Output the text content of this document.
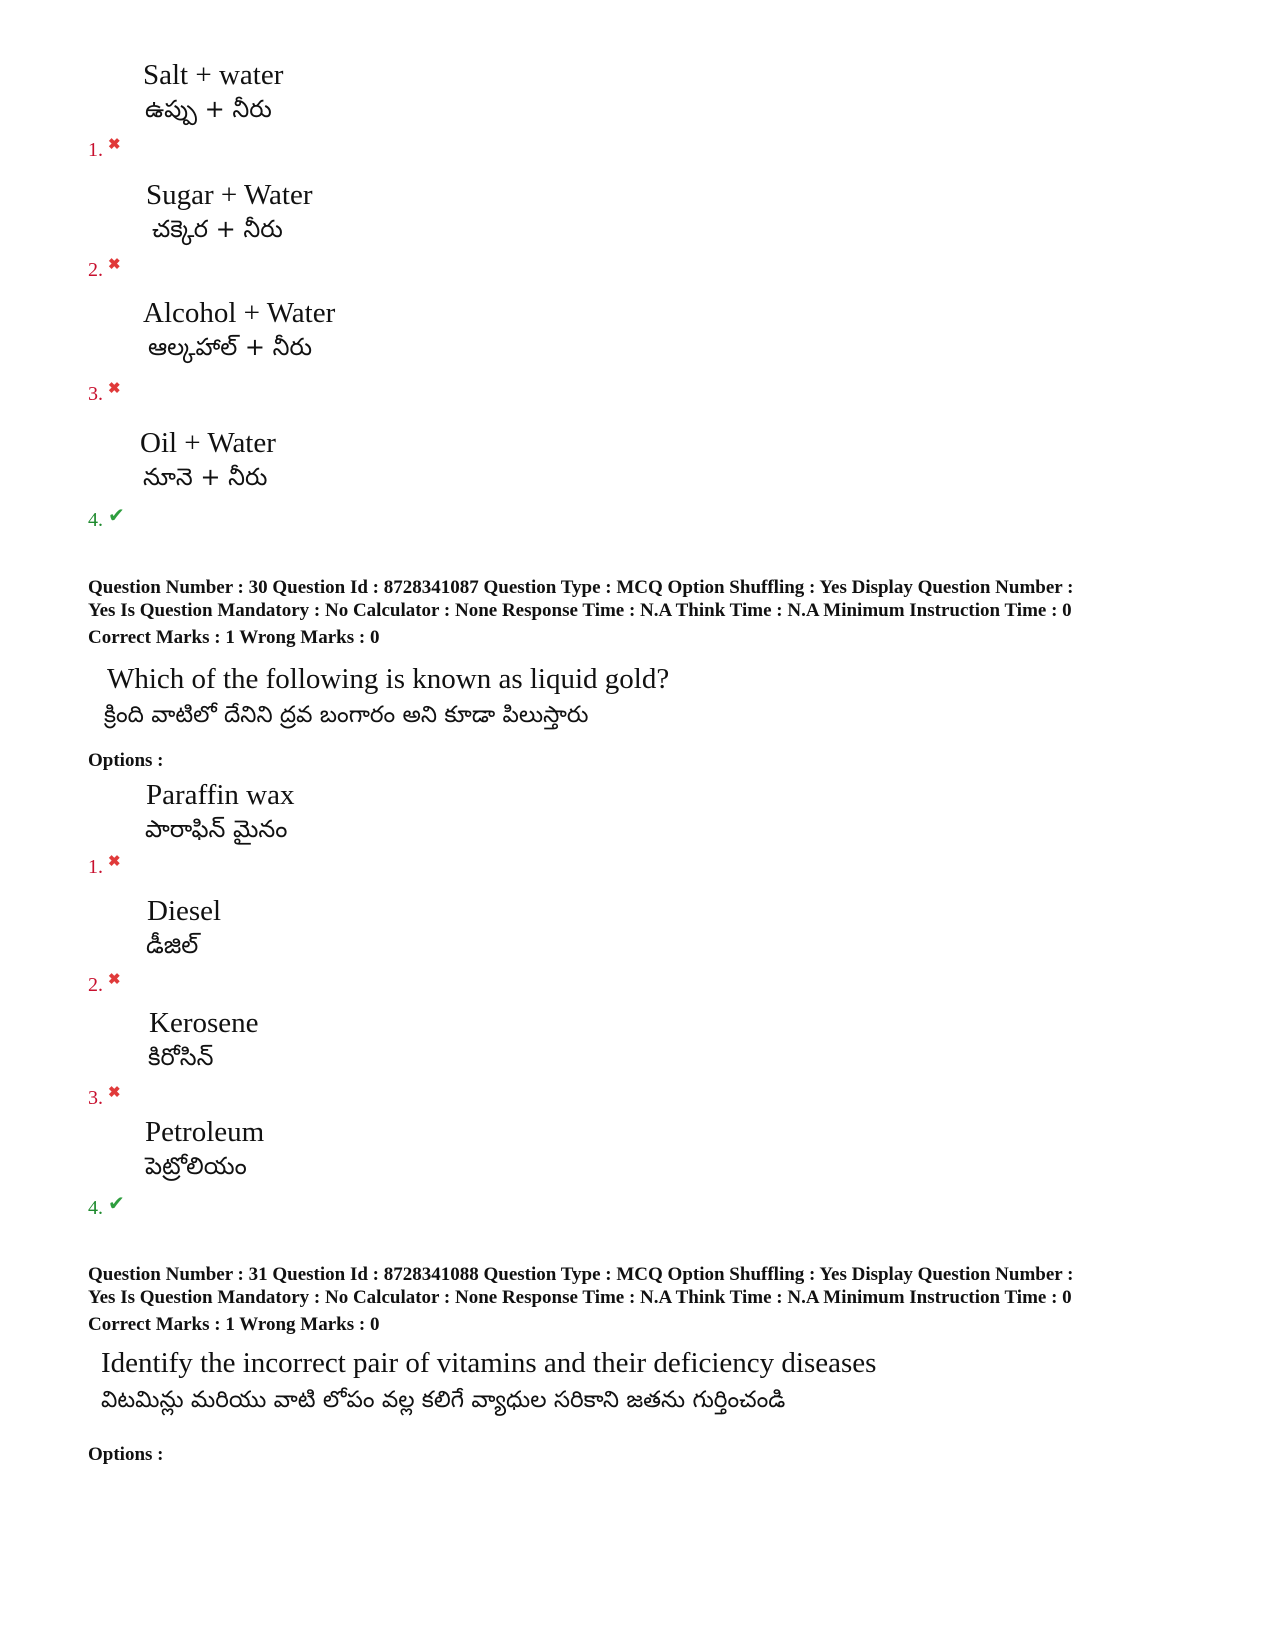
Salt + water
ఉప్పు + నీరు
1. ✖
Sugar + Water
చక్కెర + నీరు
2. ✖
Alcohol + Water
ఆల్కహాల్ + నీరు
3. ✖
Oil + Water
నూనె + నీరు
4. ✔
Question Number : 30 Question Id : 8728341087 Question Type : MCQ Option Shuffling : Yes Display Question Number :
Yes Is Question Mandatory : No Calculator : None Response Time : N.A Think Time : N.A Minimum Instruction Time : 0
Correct Marks : 1 Wrong Marks : 0
Which of the following is known as liquid gold?
క్రింది వాటిలో దేనిని ద్రవ బంగారం అని కూడా పిలుస్తారు
Options :
Paraffin wax
పారాఫిన్ మైనం
1. ✖
Diesel
డీజిల్
2. ✖
Kerosene
కిరోసిన్
3. ✖
Petroleum
పెట్రోలియం
4. ✔
Question Number : 31 Question Id : 8728341088 Question Type : MCQ Option Shuffling : Yes Display Question Number :
Yes Is Question Mandatory : No Calculator : None Response Time : N.A Think Time : N.A Minimum Instruction Time : 0
Correct Marks : 1 Wrong Marks : 0
Identify the incorrect pair of vitamins and their deficiency diseases
విటమిన్లు మరియు వాటి లోపం వల్ల కలిగే వ్యాధుల సరికాని జతను గుర్తించండి
Options :
